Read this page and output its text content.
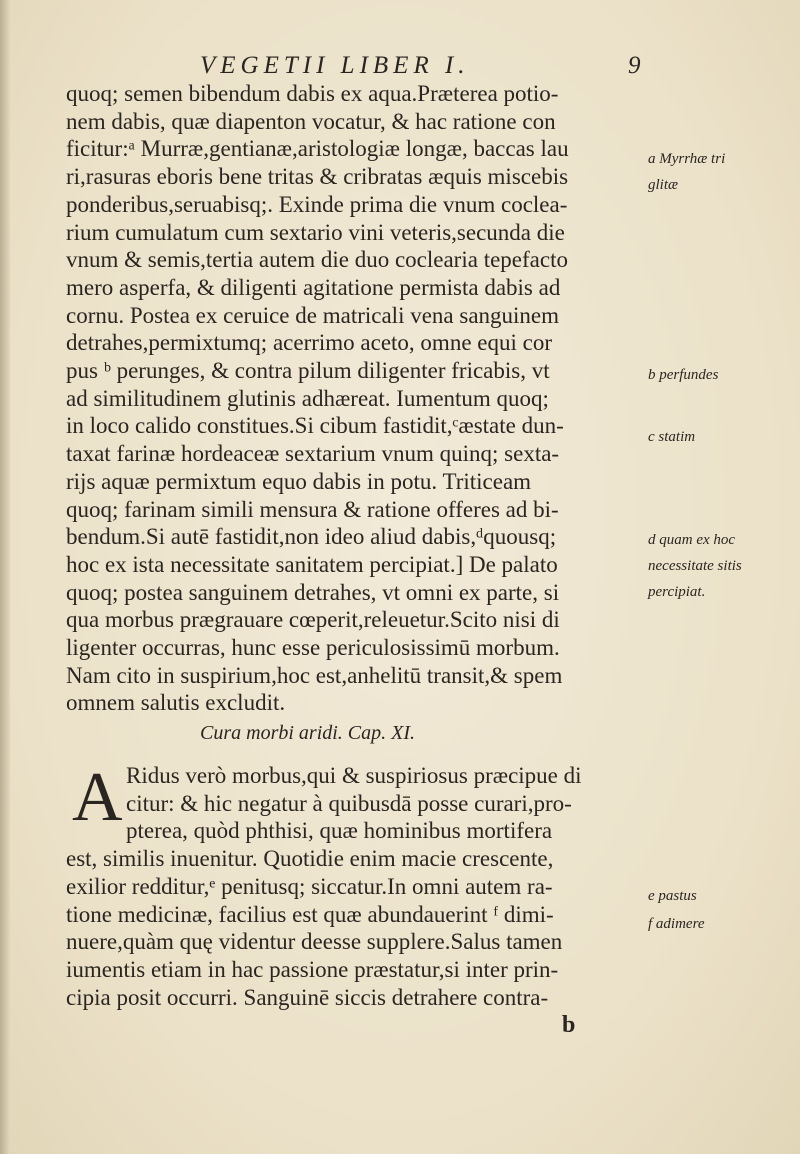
VEGETII LIBER I.	9
quoq; semen bibendum dabis ex aqua.Præterea potio-
nem dabis, quæ diapenton vocatur, & hac ratione con
ficitur:ᵃ Murræ,gentianæ,aristologiæ longæ, baccas lau
ri,rasuras eboris bene tritas & cribratas æquis miscebis
ponderibus,seruabisq;. Exinde prima die vnum coclea-
rium cumulatum cum sextario vini veteris,secunda die
vnum & semis,tertia autem die duo coclearia tepefacto
mero asperfa, & diligenti agitatione permista dabis ad
cornu. Postea ex ceruice de matricali vena sanguinem
detrahes,permixtumq; acerrimo aceto, omne equi cor
pus ᵇ perunges, & contra pilum diligenter fricabis, vt
ad similitudinem glutinis adhæreat. Iumentum quoq;
in loco calido constitues.Si cibum fastidit,ᶜæstate dun-
taxat farinæ hordeaceæ sextarium vnum quinq; sexta-
rijs aquæ permixtum equo dabis in potu. Triticeam
quoq; farinam simili mensura & ratione offeres ad bi-
bendum.Si autē fastidit,non ideo aliud dabis,ᵈquousq;
hoc ex ista necessitate sanitatem percipiat.] De palato
quoq; postea sanguinem detrahes, vt omni ex parte, si
qua morbus prægrauare cœperit,releuetur.Scito nisi di
ligenter occurras, hunc esse periculosissimū morbum.
Nam cito in suspirium,hoc est,anhelitū transit,& spem
omnem salutis excludit.
Cura morbi aridi. Cap. XI.
A Ridus verò morbus,qui & suspiriosus præcipue di
citur: & hic negatur à quibusdā posse curari,pro-
pterea, quòd phthisi, quæ hominibus mortifera
est, similis inuenitur. Quotidie enim macie crescente,
exilior redditur,ᵉ penitusq; siccatur.In omni autem ra-
tione medicinæ, facilius est quæ abundauerint ᶠ dimi-
nuere,quàm quę videntur deesse supplere.Salus tamen
iumentis etiam in hac passione præstatur,si inter prin-
cipia posit occurri. Sanguinē siccis detrahere contra-
a Myrrhæ tri
glitæ
b perfundes
c statim
d quam ex hoc
necessitate sitis
percipiat.
e pastus
f adimere
b
